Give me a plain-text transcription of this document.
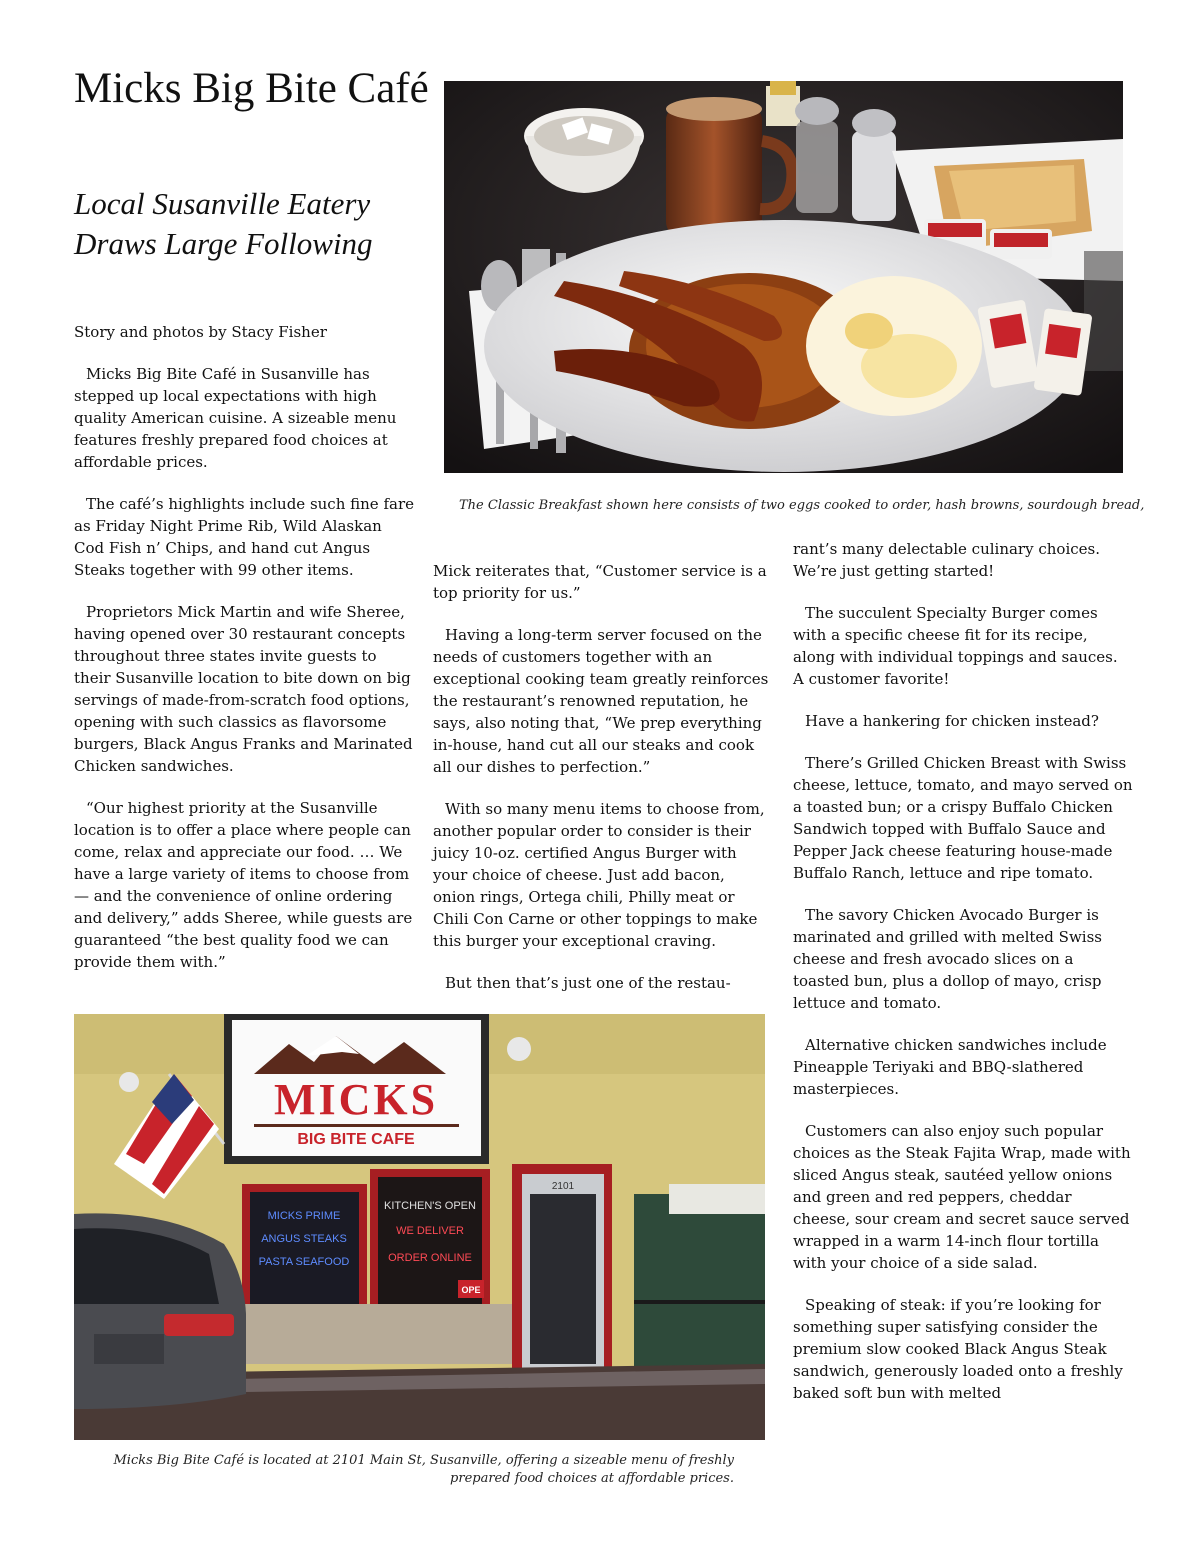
Micks Big Bite Café
Local Susanville Eatery Draws Large Following

Story and photos by Stacy Fisher

Micks Big Bite Café in Susanville has stepped up local expectations with high quality American cuisine. A sizeable menu features freshly prepared food choices at affordable prices.

The café’s highlights include such fine fare as Friday Night Prime Rib, Wild Alaskan Cod Fish n’ Chips, and hand cut Angus Steaks together with 99 other items.

Proprietors Mick Martin and wife Sheree, having opened over 30 restaurant concepts throughout three states invite guests to their Susanville location to bite down on big servings of made-from-scratch food options, opening with such classics as flavorsome burgers, Black Angus Franks and Marinated Chicken sandwiches.

“Our highest priority at the Susanville location is to offer a place where people can come, relax and appreciate our food. … We have a large variety of items to choose from — and the convenience of online ordering and delivery,” adds Sheree, while guests are guaranteed “the best quality food we can provide them with.”

Mick reiterates that, “Customer service is a top priority for us.”

Having a long-term server focused on the needs of customers together with an exceptional cooking team greatly reinforces the restaurant’s renowned reputation, he says, also noting that, “We prep everything in-house, hand cut all our steaks and cook all our dishes to perfection.”

With so many menu items to choose from, another popular order to consider is their juicy 10-oz. certified Angus Burger with your choice of cheese. Just add bacon, onion rings, Ortega chili, Philly meat or Chili Con Carne or other toppings to make this burger your exceptional craving.

But then that’s just one of the restau-

rant’s many delectable culinary choices. We’re just getting started!

The succulent Specialty Burger comes with a specific cheese fit for its recipe, along with individual toppings and sauces. A customer favorite!

Have a hankering for chicken instead?

There’s Grilled Chicken Breast with Swiss cheese, lettuce, tomato, and mayo served on a toasted bun; or a crispy Buffalo Chicken Sandwich topped with Buffalo Sauce and Pepper Jack cheese featuring house-made Buffalo Ranch, lettuce and ripe tomato.

The savory Chicken Avocado Burger is marinated and grilled with melted Swiss cheese and fresh avocado slices on a toasted bun, plus a dollop of mayo, crisp lettuce and tomato.

Alternative chicken sandwiches include Pineapple Teriyaki and BBQ-slathered masterpieces.

Customers can also enjoy such popular choices as the Steak Fajita Wrap, made with sliced Angus steak, sautéed yellow onions and green and red peppers, cheddar cheese, sour cream and secret sauce served wrapped in a warm 14-inch flour tortilla with your choice of a side salad.

Speaking of steak: if you’re looking for something super satisfying consider the premium slow cooked Black Angus Steak sandwich, generously loaded onto a freshly baked soft bun with melted

The Classic Breakfast shown here consists of two eggs cooked to order, hash browns, sourdough bread,
MICKS
BIG BITE CAFE
MICKS PRIME
ANGUS STEAKS
PASTA SEAFOOD
KITCHEN'S OPEN
WE DELIVER
ORDER ONLINE
OPE
2101
Micks Big Bite Café is located at 2101 Main St, Susanville, offering a sizeable menu of freshly prepared food choices at affordable prices.
